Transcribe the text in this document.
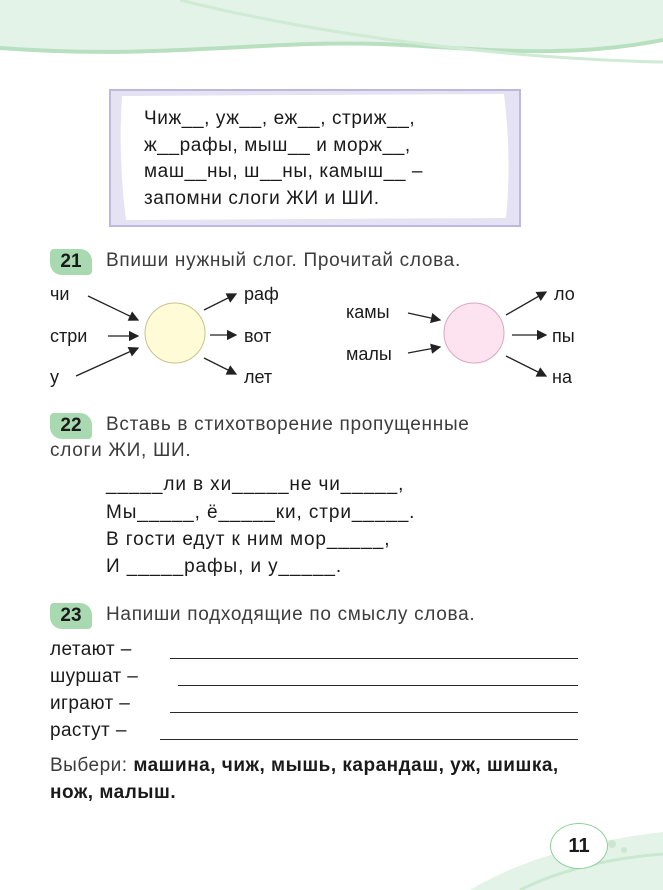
Чиж__, уж__, еж__, стриж__,
ж__рафы, мыш__ и морж__,
маш__ны, ш__ны, камыш__ –
запомни слоги ЖИ и ШИ.
21	Впиши нужный слог. Прочитай слова.
чи
стри
у
раф
вот
лет
камы
малы
ло
пы
на
22	Вставь в стихотворение пропущенные
слоги ЖИ, ШИ.
_____ли в хи_____не чи_____,
Мы_____, ё_____ки, стри_____.
В гости едут к ним мор_____,
И _____рафы, и у_____.
23	Напиши подходящие по смыслу слова.
летают –
шуршат –
играют –
растут –
Выбери: машина, чиж, мышь, карандаш, уж, шишка, нож, малыш.
11
